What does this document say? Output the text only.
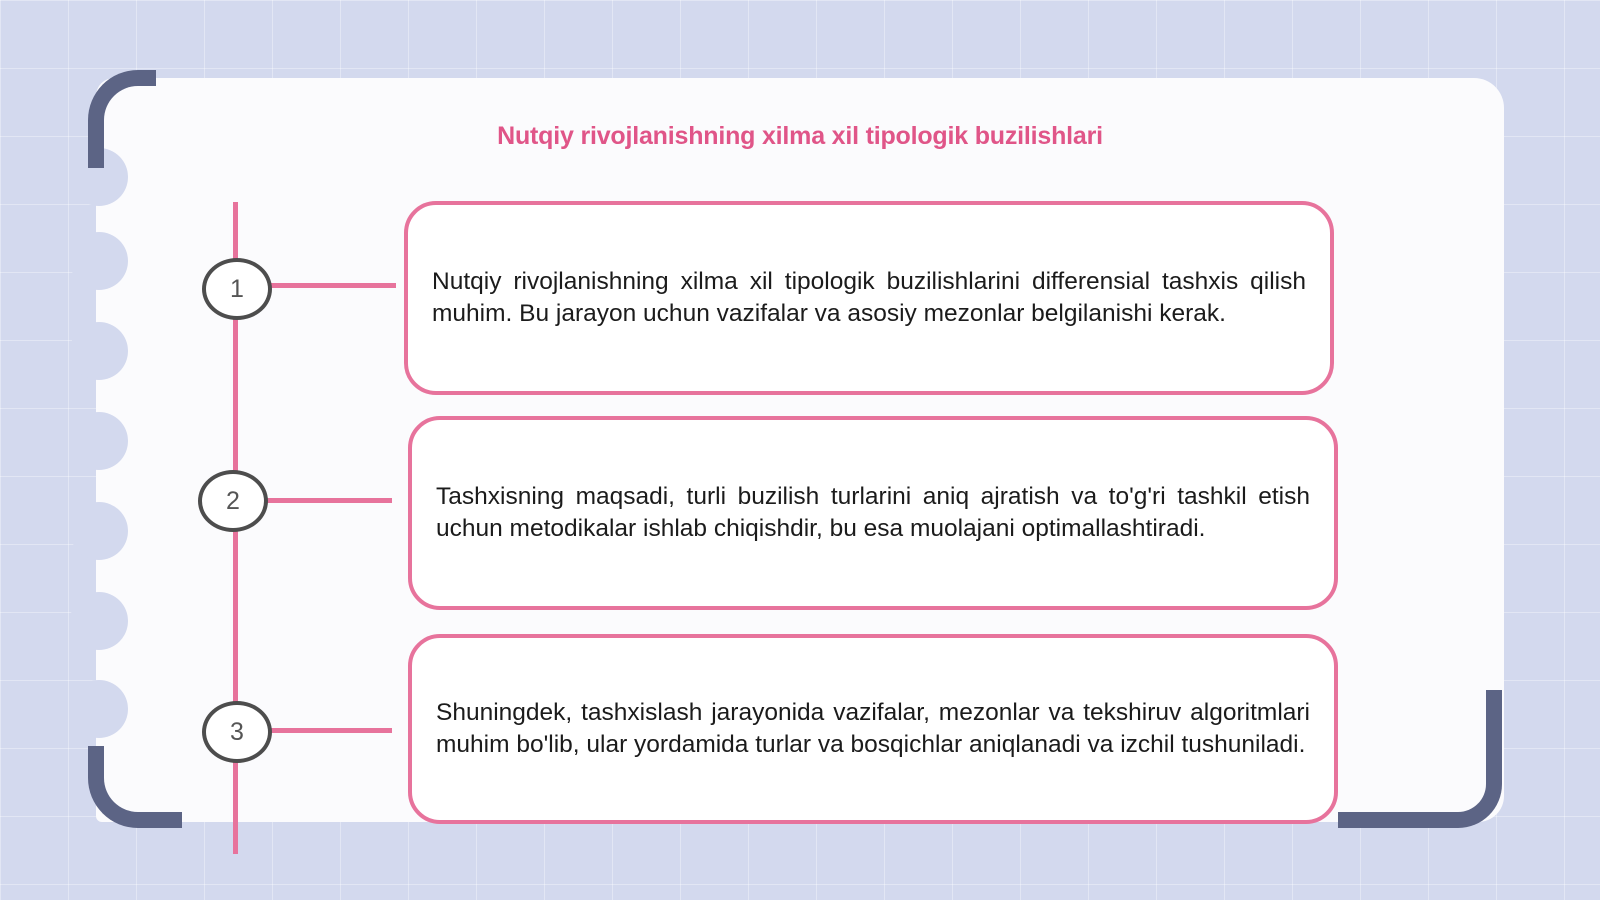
Nutqiy rivojlanishning xilma xil tipologik buzilishlari
1
2
3

Nutqiy rivojlanishning xilma xil tipologik buzilishlarini differensial tashxis qilish muhim. Bu jarayon uchun vazifalar va asosiy mezonlar belgilanishi kerak.

Tashxisning maqsadi, turli buzilish turlarini aniq ajratish va to'g'ri tashkil etish uchun metodikalar ishlab chiqishdir, bu esa muolajani optimallashtiradi.

Shuningdek, tashxislash jarayonida vazifalar, mezonlar va tekshiruv algoritmlari muhim bo'lib, ular yordamida turlar va bosqichlar aniqlanadi va izchil tushuniladi.
